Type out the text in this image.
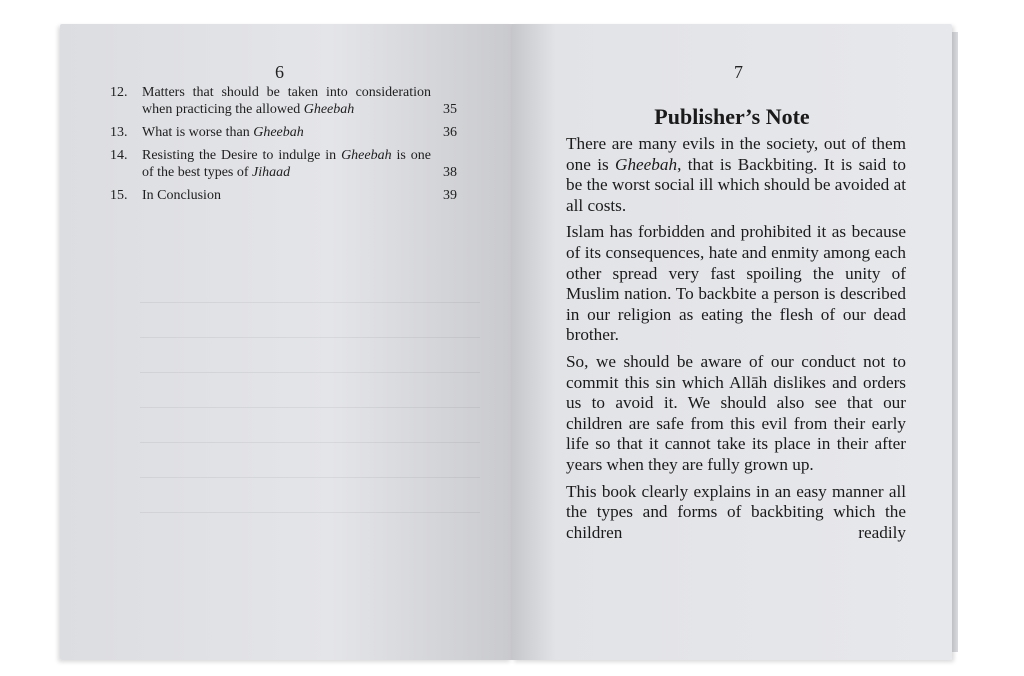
6
12.	Matters that should be taken into consideration when practicing the allowed Gheebah	35
13.	What is worse than Gheebah	36
14.	Resisting the Desire to indulge in Gheebah is one of the best types of Jihaad	38
15.	In Conclusion	39
7
Publisher’s Note

There are many evils in the society, out of them one is Gheebah, that is Backbiting. It is said to be the worst social ill which should be avoided at all costs.

Islam has forbidden and prohibited it as because of its consequences, hate and enmity among each other spread very fast spoiling the unity of Muslim nation. To backbite a person is described in our religion as eating the flesh of our dead brother.

So, we should be aware of our conduct not to commit this sin which Allāh dislikes and orders us to avoid it. We should also see that our children are safe from this evil from their early life so that it cannot take its place in their after years when they are fully grown up.

This book clearly explains in an easy manner all the types and forms of backbiting which the children readily
